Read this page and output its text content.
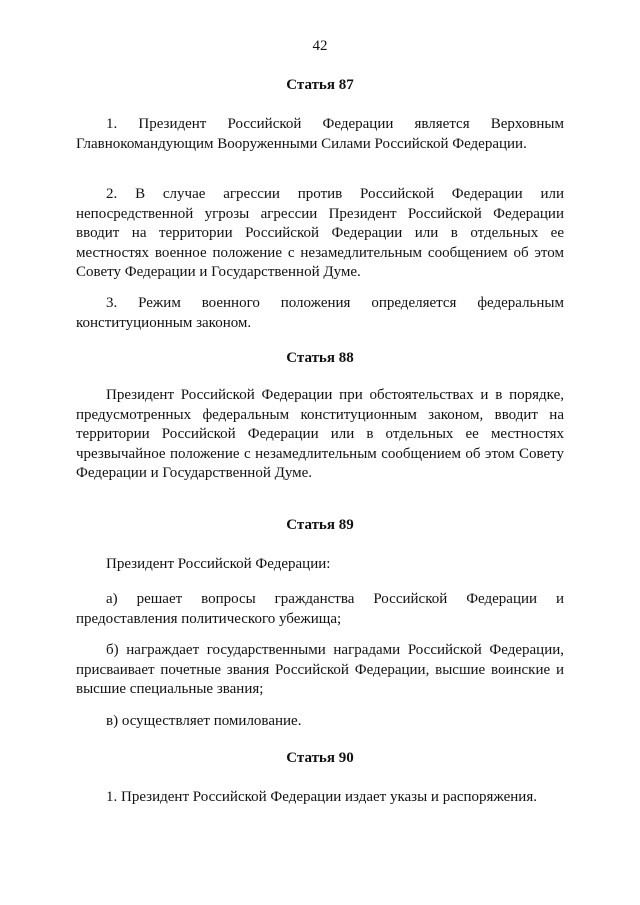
42
Статья 87

1. Президент Российской Федерации является Верховным Главнокомандующим Вооруженными Силами Российской Федерации.

2. В случае агрессии против Российской Федерации или непосредственной угрозы агрессии Президент Российской Федерации вводит на территории Российской Федерации или в отдельных ее местностях военное положение с незамедлительным сообщением об этом Совету Федерации и Государственной Думе.

3. Режим военного положения определяется федеральным конституционным законом.

Статья 88

Президент Российской Федерации при обстоятельствах и в порядке, предусмотренных федеральным конституционным законом, вводит на территории Российской Федерации или в отдельных ее местностях чрезвычайное положение с незамедлительным сообщением об этом Совету Федерации и Государственной Думе.

Статья 89

Президент Российской Федерации:

а) решает вопросы гражданства Российской Федерации и предоставления политического убежища;

б) награждает государственными наградами Российской Федерации, присваивает почетные звания Российской Федерации, высшие воинские и высшие специальные звания;

в) осуществляет помилование.

Статья 90

1. Президент Российской Федерации издает указы и распоряжения.
